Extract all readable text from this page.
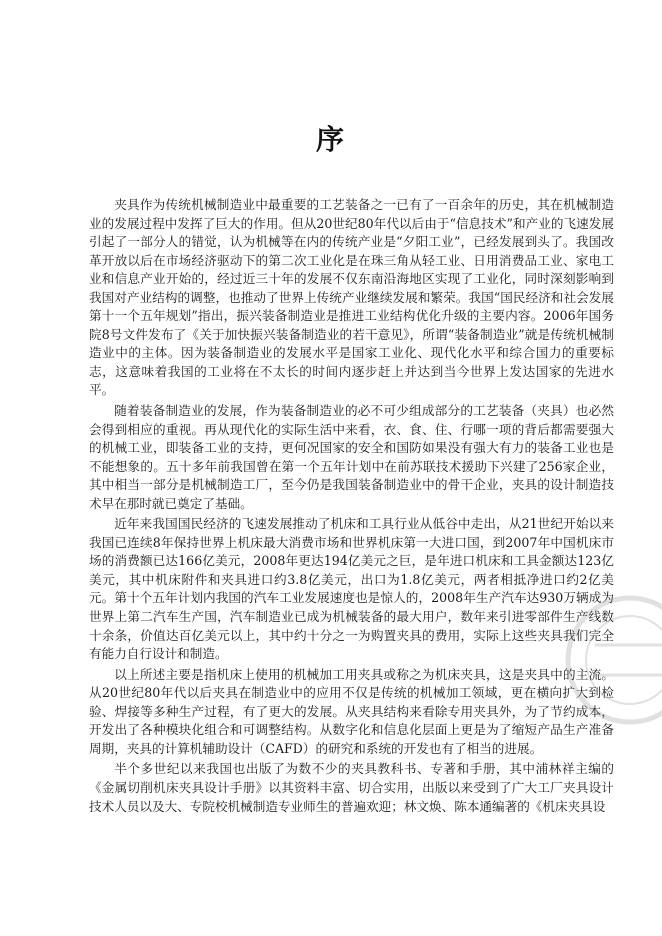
序

夹具作为传统机械制造业中最重要的工艺装备之一已有了一百余年的历史，其在机械制造业的发展过程中发挥了巨大的作用。但从20世纪80年代以后由于“信息技术”和产业的飞速发展引起了一部分人的错觉，认为机械等在内的传统产业是“夕阳工业”，已经发展到头了。我国改革开放以后在市场经济驱动下的第二次工业化是在珠三角从轻工业、日用消费品工业、家电工业和信息产业开始的，经过近三十年的发展不仅东南沿海地区实现了工业化，同时深刻影响到我国对产业结构的调整，也推动了世界上传统产业继续发展和繁荣。我国“国民经济和社会发展第十一个五年规划”指出，振兴装备制造业是推进工业结构优化升级的主要内容。2006年国务院8号文件发布了《关于加快振兴装备制造业的若干意见》，所谓“装备制造业”就是传统机械制造业中的主体。因为装备制造业的发展水平是国家工业化、现代化水平和综合国力的重要标志，这意味着我国的工业将在不太长的时间内逐步赶上并达到当今世界上发达国家的先进水平。

随着装备制造业的发展，作为装备制造业的必不可少组成部分的工艺装备（夹具）也必然会得到相应的重视。再从现代化的实际生活中来看，衣、食、住、行哪一项的背后都需要强大的机械工业，即装备工业的支持，更何况国家的安全和国防如果没有强大有力的装备工业也是不能想象的。五十多年前我国曾在第一个五年计划中在前苏联技术援助下兴建了256家企业，其中相当一部分是机械制造工厂，至今仍是我国装备制造业中的骨干企业，夹具的设计制造技术早在那时就已奠定了基础。

近年来我国国民经济的飞速发展推动了机床和工具行业从低谷中走出，从21世纪开始以来我国已连续8年保持世界上机床最大消费市场和世界机床第一大进口国，到2007年中国机床市场的消费额已达166亿美元，2008年更达194亿美元之巨，是年进口机床和工具金额达123亿美元，其中机床附件和夹具进口约3.8亿美元，出口为1.8亿美元，两者相抵净进口约2亿美元。第十个五年计划内我国的汽车工业发展速度也是惊人的，2008年生产汽车达930万辆成为世界上第二汽车生产国，汽车制造业已成为机械装备的最大用户，数年来引进零部件生产线数十余条，价值达百亿美元以上，其中约十分之一为购置夹具的费用，实际上这些夹具我们完全有能力自行设计和制造。

以上所述主要是指机床上使用的机械加工用夹具或称之为机床夹具，这是夹具中的主流。从20世纪80年代以后夹具在制造业中的应用不仅是传统的机械加工领域，更在横向扩大到检验、焊接等多种生产过程，有了更大的发展。从夹具结构来看除专用夹具外，为了节约成本，开发出了各种模块化组合和可调整结构。从数字化和信息化层面上更是为了缩短产品生产准备周期，夹具的计算机辅助设计（CAFD）的研究和系统的开发也有了相当的进展。

半个多世纪以来我国也出版了为数不少的夹具教科书、专著和手册，其中浦林祥主编的《金属切削机床夹具设计手册》以其资料丰富、切合实用，出版以来受到了广大工厂夹具设计技术人员以及大、专院校机械制造专业师生的普遍欢迎；林文焕、陈本通编著的《机床夹具设
